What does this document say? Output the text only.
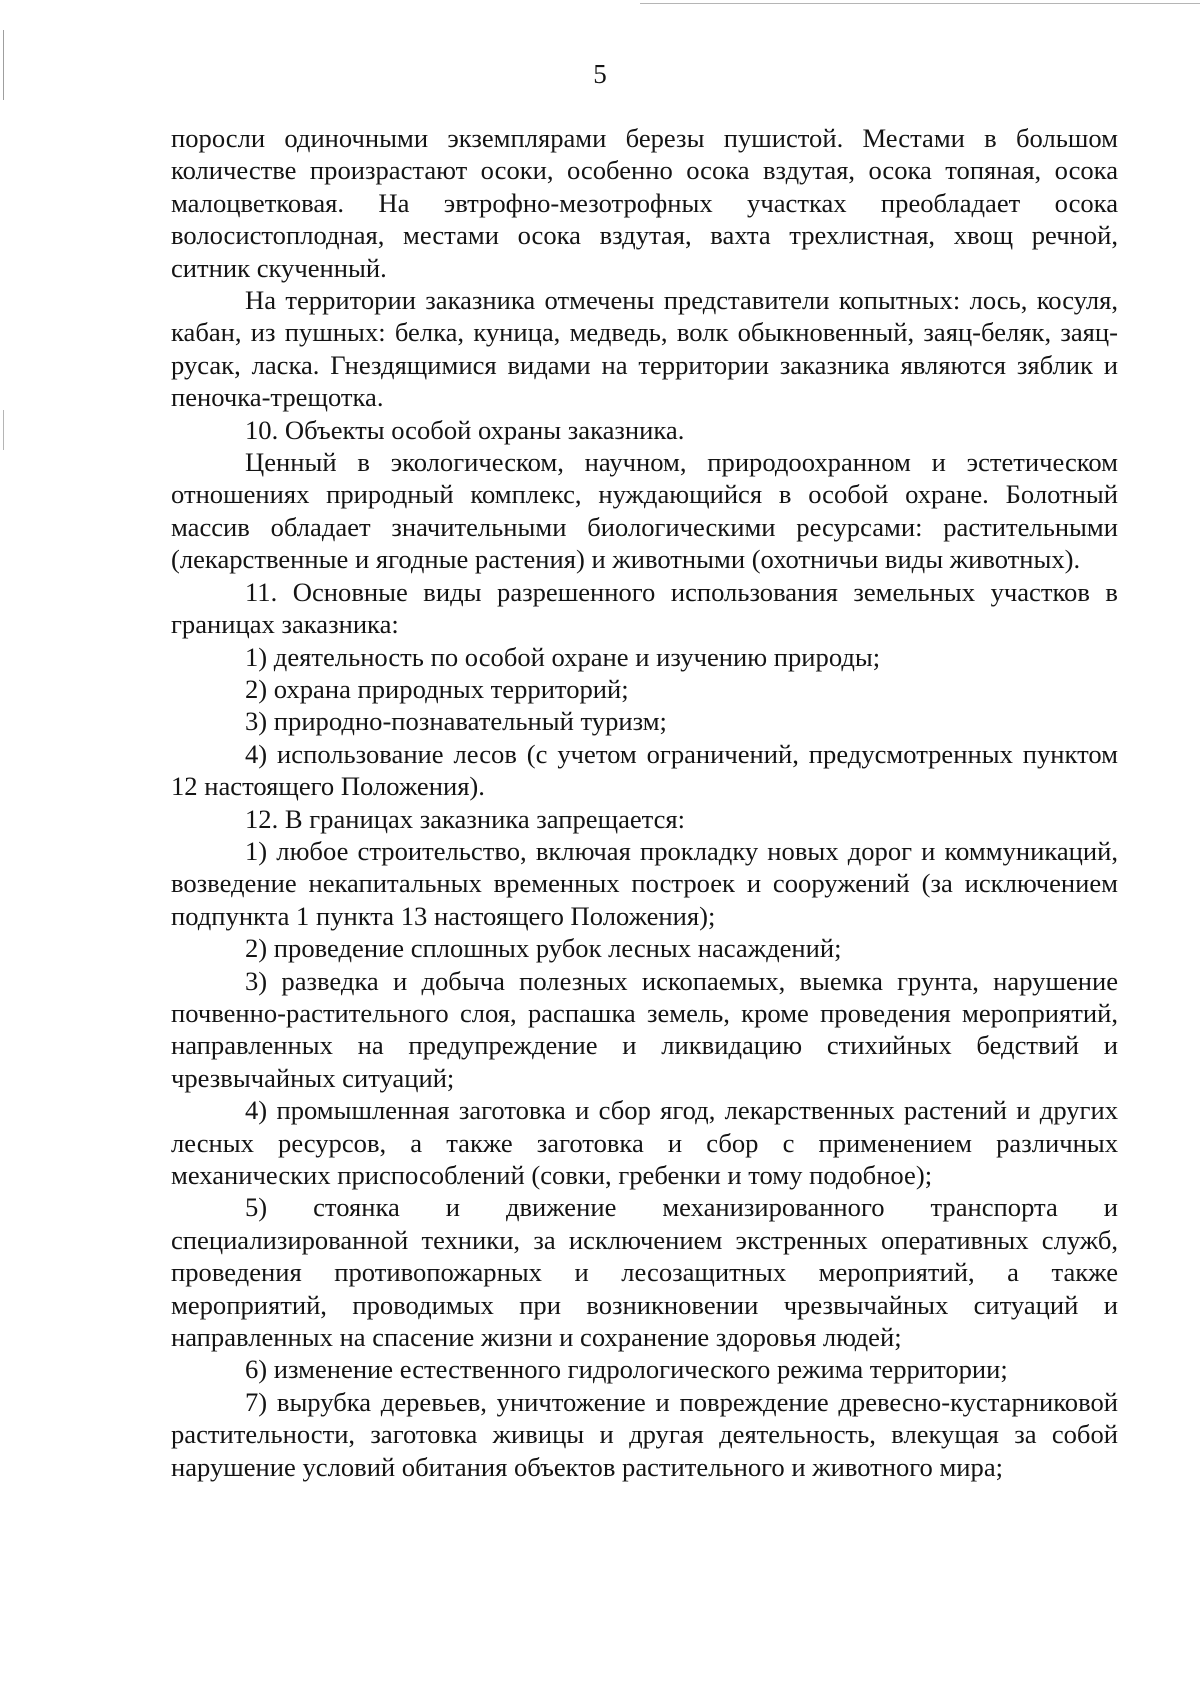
5

поросли одиночными экземплярами березы пушистой. Местами в большом количестве произрастают осоки, особенно осока вздутая, осока топяная, осока малоцветковая. На эвтрофно-мезотрофных участках преобладает осока волосистоплодная, местами осока вздутая, вахта трехлистная, хвощ речной, ситник скученный.

На территории заказника отмечены представители копытных: лось, косуля, кабан, из пушных: белка, куница, медведь, волк обыкновенный, заяц-беляк, заяц-русак, ласка. Гнездящимися видами на территории заказника являются зяблик и пеночка-трещотка.

10. Объекты особой охраны заказника.

Ценный в экологическом, научном, природоохранном и эстетическом отношениях природный комплекс, нуждающийся в особой охране. Болотный массив обладает значительными биологическими ресурсами: растительными (лекарственные и ягодные растения) и животными (охотничьи виды животных).

11. Основные виды разрешенного использования земельных участков в границах заказника:

1) деятельность по особой охране и изучению природы;

2) охрана природных территорий;

3) природно-познавательный туризм;

4) использование лесов (с учетом ограничений, предусмотренных пунктом 12 настоящего Положения).

12. В границах заказника запрещается:

1) любое строительство, включая прокладку новых дорог и коммуникаций, возведение некапитальных временных построек и сооружений (за исключением подпункта 1 пункта 13 настоящего Положения);

2) проведение сплошных рубок лесных насаждений;

3) разведка и добыча полезных ископаемых, выемка грунта, нарушение почвенно-растительного слоя, распашка земель, кроме проведения мероприятий, направленных на предупреждение и ликвидацию стихийных бедствий и чрезвычайных ситуаций;

4) промышленная заготовка и сбор ягод, лекарственных растений и других лесных ресурсов, а также заготовка и сбор с применением различных механических приспособлений (совки, гребенки и тому подобное);

5) стоянка и движение механизированного транспорта и специализированной техники, за исключением экстренных оперативных служб, проведения противопожарных и лесозащитных мероприятий, а также мероприятий, проводимых при возникновении чрезвычайных ситуаций и направленных на спасение жизни и сохранение здоровья людей;

6) изменение естественного гидрологического режима территории;

7) вырубка деревьев, уничтожение и повреждение древесно-кустарниковой растительности, заготовка живицы и другая деятельность, влекущая за собой нарушение условий обитания объектов растительного и животного мира;
